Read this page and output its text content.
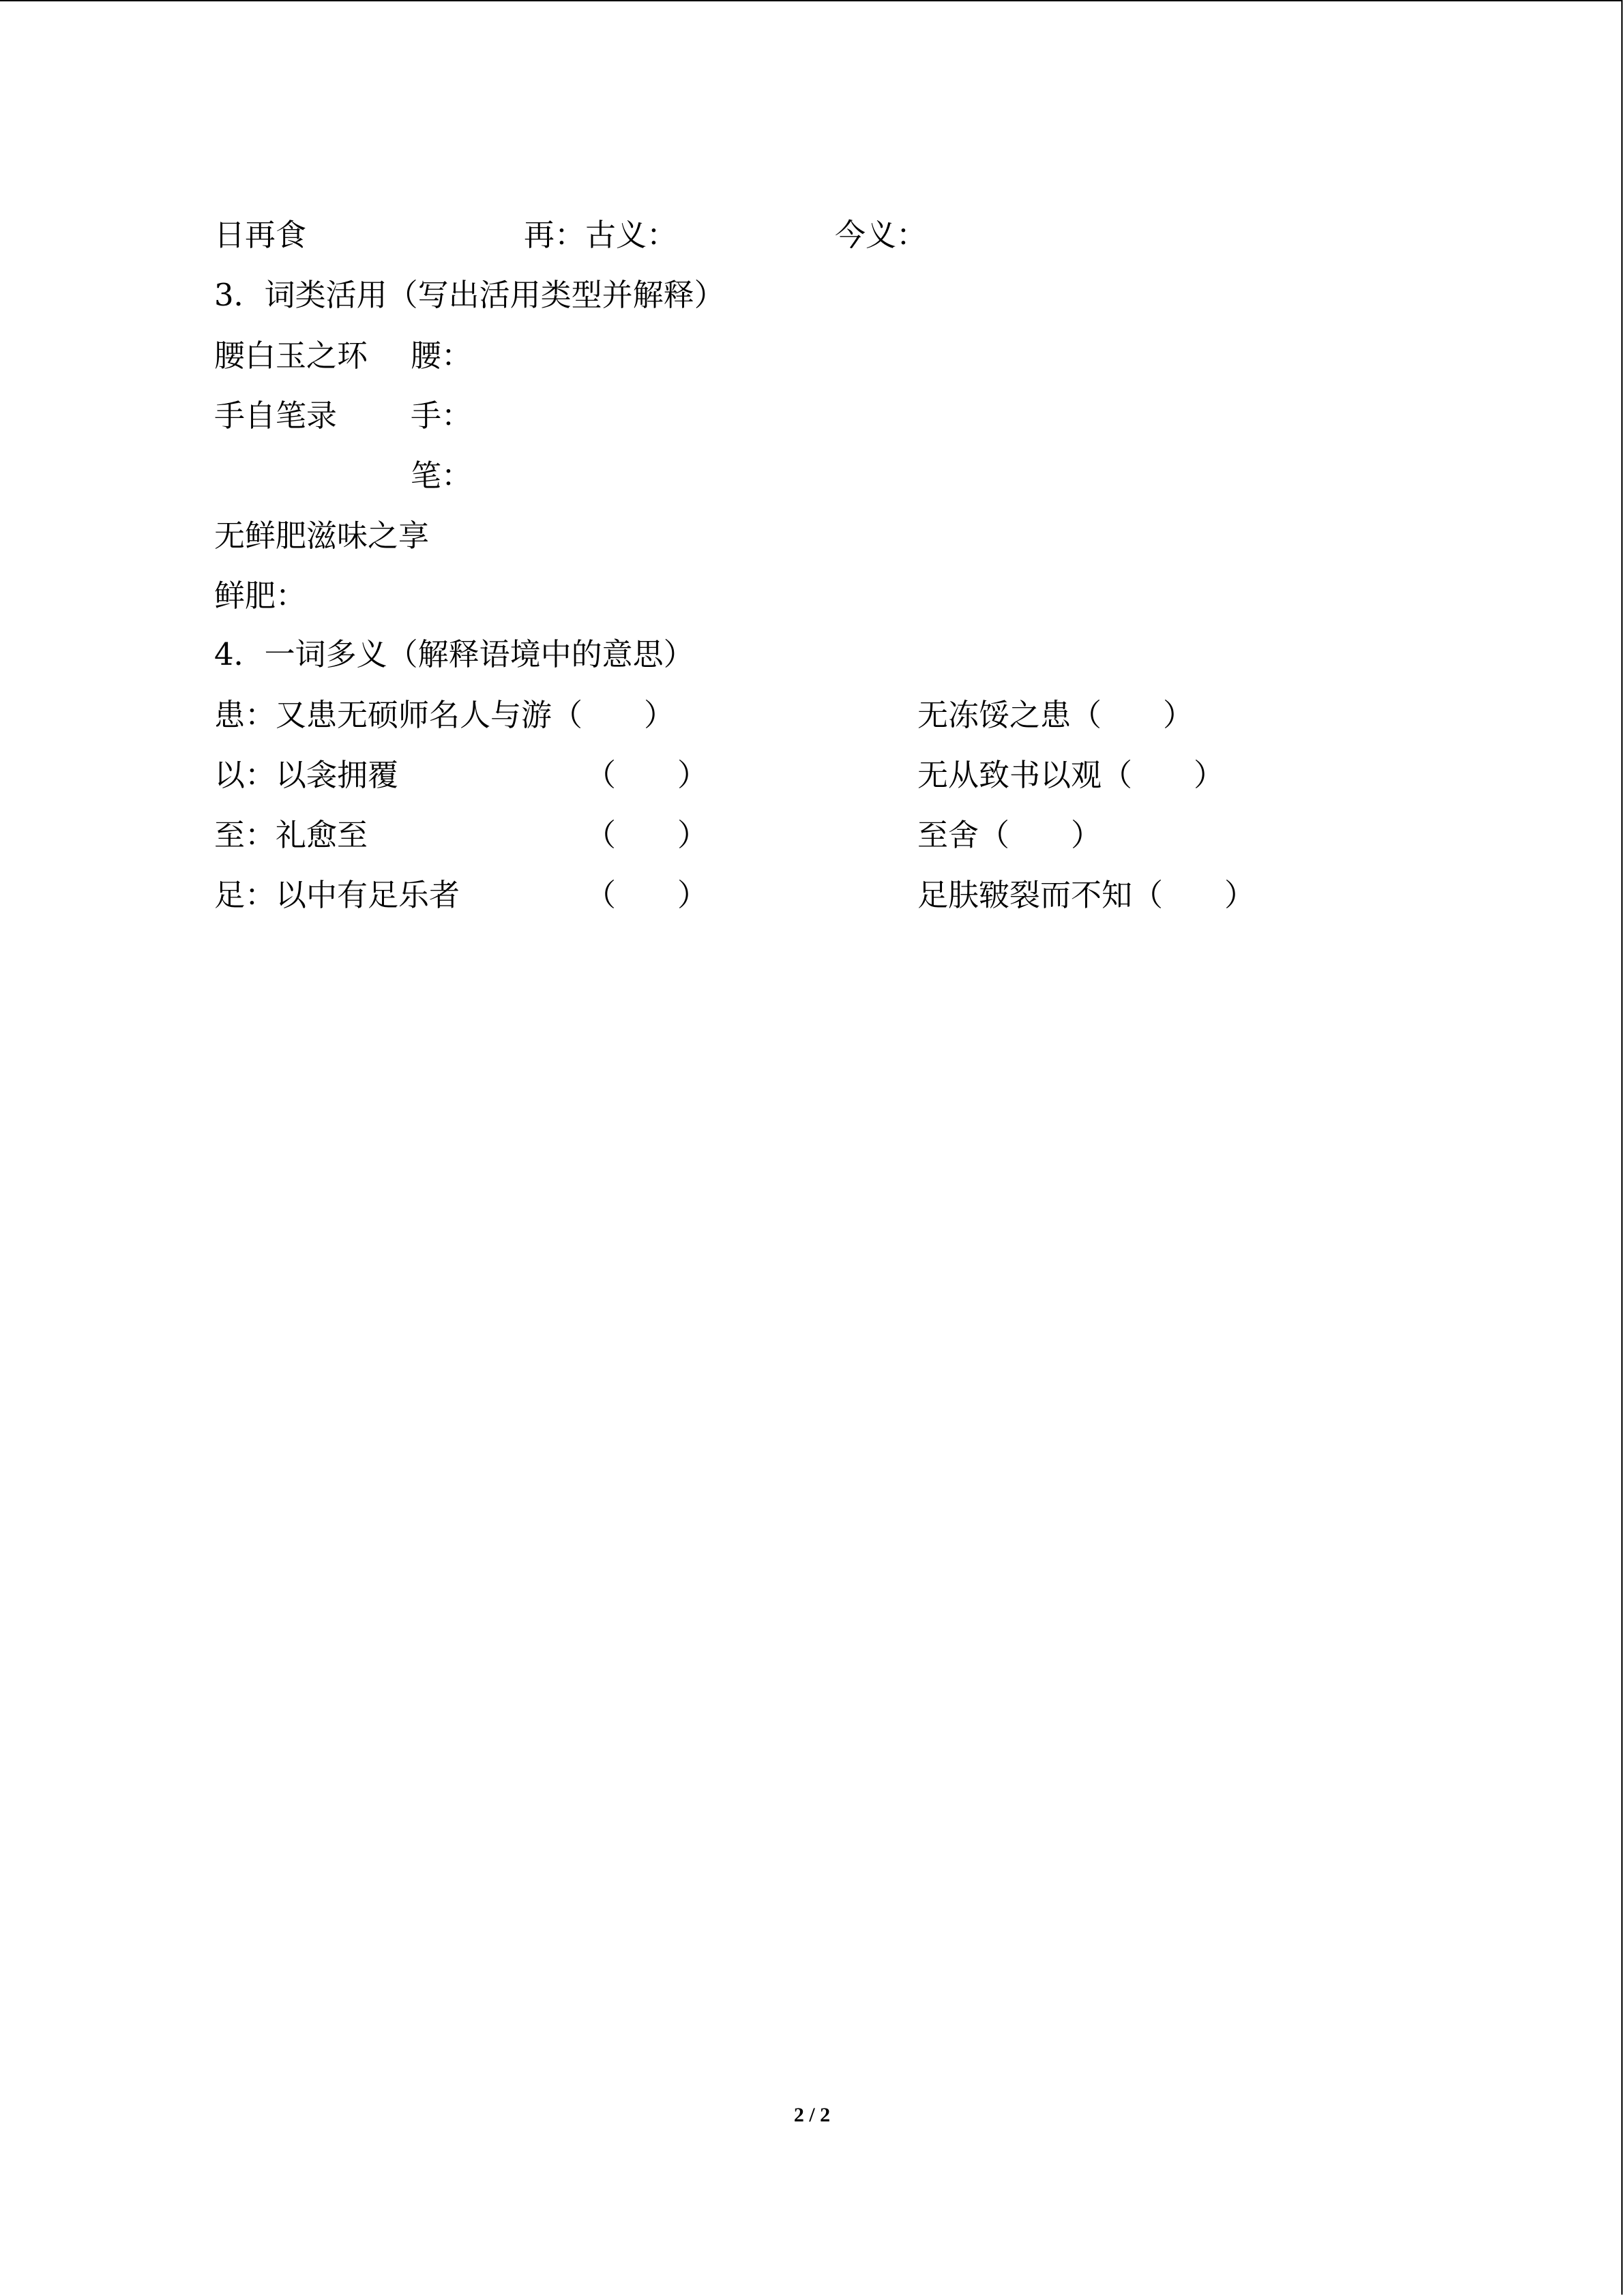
日再食	再：古义：	今义：
3．词类活用（写出活用类型并解释）
腰白玉之环 腰：
手自笔录 手：
笔：
无鲜肥滋味之享
鲜肥：
4．一词多义（解释语境中的意思）
患：又患无硕师名人与游（　　）	无冻馁之患（　　）
以：以衾拥覆	（　　）	无从致书以观（　　）
至：礼愈至	（　　）	至舍（　　）
足：以中有足乐者	（　　）	足肤皲裂而不知（　　）
2 / 2
